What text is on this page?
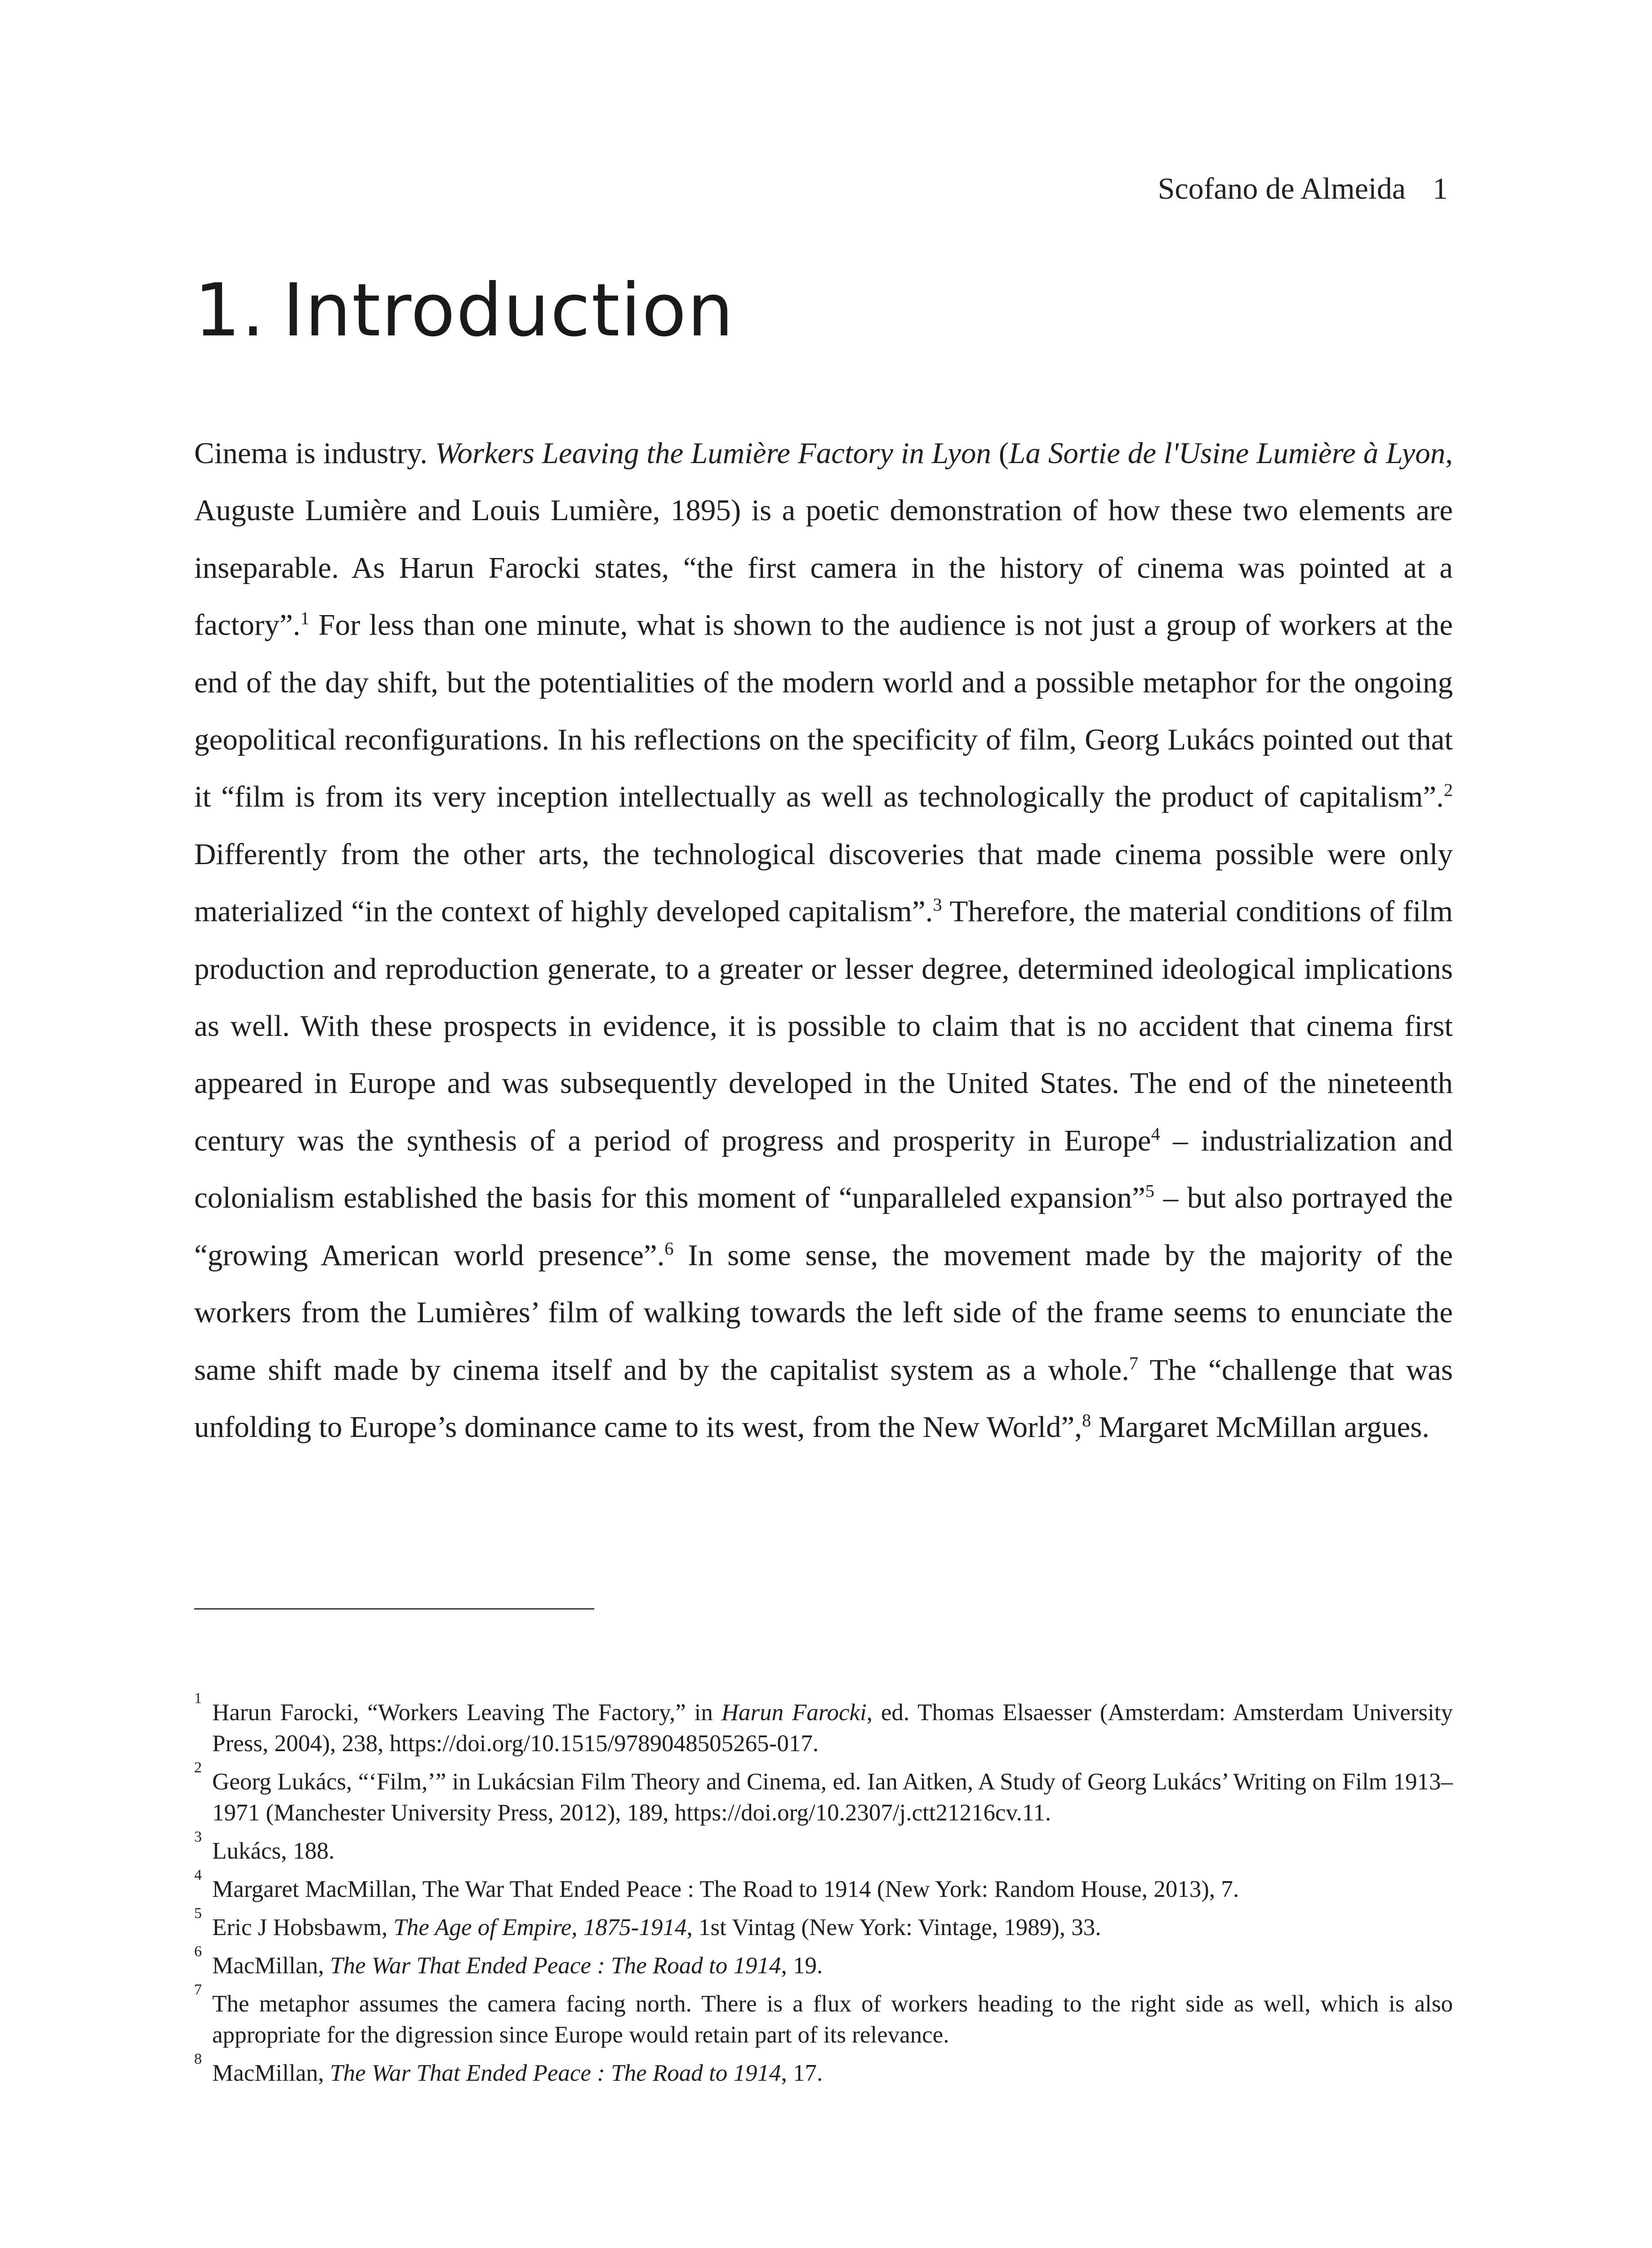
Scofano de Almeida 1
1. Introduction

Cinema is industry. Workers Leaving the Lumière Factory in Lyon (La Sortie de l'Usine Lumière à Lyon, Auguste Lumière and Louis Lumière, 1895) is a poetic demonstration of how these two elements are inseparable. As Harun Farocki states, “the first camera in the history of cinema was pointed at a factory”.$^1$ For less than one minute, what is shown to the audience is not just a group of workers at the end of the day shift, but the potentialities of the modern world and a possible metaphor for the ongoing geopolitical reconfigurations. In his reflections on the specificity of film, Georg Lukács pointed out that it “film is from its very inception intellectually as well as technologically the product of capitalism”.$^2$ Differently from the other arts, the technological discoveries that made cinema possible were only materialized “in the context of highly developed capitalism”.$^3$ Therefore, the material conditions of film production and reproduction generate, to a greater or lesser degree, determined ideological implications as well. With these prospects in evidence, it is possible to claim that is no accident that cinema first appeared in Europe and was subsequently developed in the United States. The end of the nineteenth century was the synthesis of a period of progress and prosperity in Europe$^4$ – industrialization and colonialism established the basis for this moment of “unparalleled expansion”$^5$ – but also portrayed the “growing American world presence”.$^6$ In some sense, the movement made by the majority of the workers from the Lumières’ film of walking towards the left side of the frame seems to enunciate the same shift made by cinema itself and by the capitalist system as a whole.$^7$ The “challenge that was unfolding to Europe’s dominance came to its west, from the New World”,$^8$ Margaret McMillan argues.

1
Harun Farocki, “Workers Leaving The Factory,” in Harun Farocki, ed. Thomas Elsaesser (Amsterdam: Amsterdam University Press, 2004), 238, https://doi.org/10.1515/9789048505265-017.
2
Georg Lukács, “‘Film,’” in Lukácsian Film Theory and Cinema, ed. Ian Aitken, A Study of Georg Lukács’ Writing on Film 1913–1971 (Manchester University Press, 2012), 189, https://doi.org/10.2307/j.ctt21216cv.11.
3
Lukács, 188.
4
Margaret MacMillan, The War That Ended Peace : The Road to 1914 (New York: Random House, 2013), 7.
5
Eric J Hobsbawm, The Age of Empire, 1875-1914, 1st Vintag (New York: Vintage, 1989), 33.
6
MacMillan, The War That Ended Peace : The Road to 1914, 19.
7
The metaphor assumes the camera facing north. There is a flux of workers heading to the right side as well, which is also appropriate for the digression since Europe would retain part of its relevance.
8
MacMillan, The War That Ended Peace : The Road to 1914, 17.
